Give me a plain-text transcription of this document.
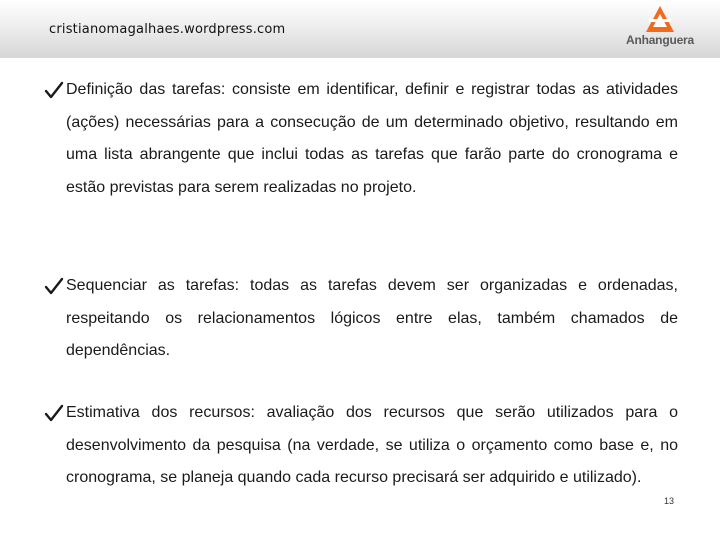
cristianomagalhaes.wordpress.com
Anhanguera

Definição das tarefas: consiste em identificar, definir e registrar todas as atividades (ações) necessárias para a consecução de um determinado objetivo, resultando em uma lista abrangente que inclui todas as tarefas que farão parte do cronograma e estão previstas para serem realizadas no projeto.

Sequenciar as tarefas: todas as tarefas devem ser organizadas e ordenadas, respeitando os relacionamentos lógicos entre elas, também chamados de dependências.

Estimativa dos recursos: avaliação dos recursos que serão utilizados para o desenvolvimento da pesquisa (na verdade, se utiliza o orçamento como base e, no cronograma, se planeja quando cada recurso precisará ser adquirido e utilizado).

13
